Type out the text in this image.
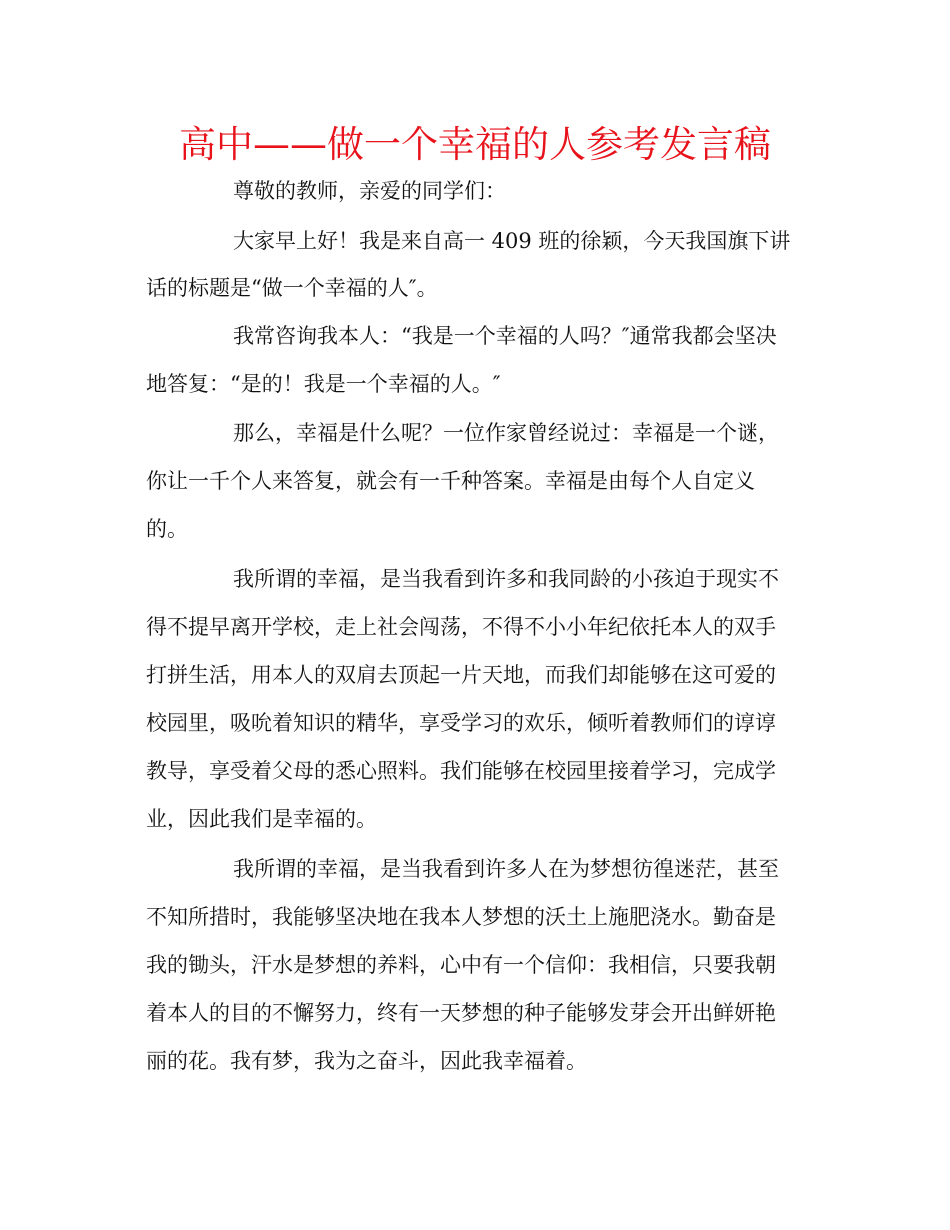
高中——做一个幸福的人参考发言稿

尊敬的教师，亲爱的同学们：

大家早上好！我是来自高一 409 班的徐颖，今天我国旗下讲

话的标题是“做一个幸福的人″。

我常咨询我本人：“我是一个幸福的人吗？″通常我都会坚决

地答复：“是的！我是一个幸福的人。″

那么，幸福是什么呢？一位作家曾经说过：幸福是一个谜，

你让一千个人来答复，就会有一千种答案。幸福是由每个人自定义

的。

我所谓的幸福，是当我看到许多和我同龄的小孩迫于现实不

得不提早离开学校，走上社会闯荡，不得不小小年纪依托本人的双手

打拼生活，用本人的双肩去顶起一片天地，而我们却能够在这可爱的

校园里，吸吮着知识的精华，享受学习的欢乐，倾听着教师们的谆谆

教导，享受着父母的悉心照料。我们能够在校园里接着学习，完成学

业，因此我们是幸福的。

我所谓的幸福，是当我看到许多人在为梦想彷徨迷茫，甚至

不知所措时，我能够坚决地在我本人梦想的沃土上施肥浇水。勤奋是

我的锄头，汗水是梦想的养料，心中有一个信仰：我相信，只要我朝

着本人的目的不懈努力，终有一天梦想的种子能够发芽会开出鲜妍艳

丽的花。我有梦，我为之奋斗，因此我幸福着。
